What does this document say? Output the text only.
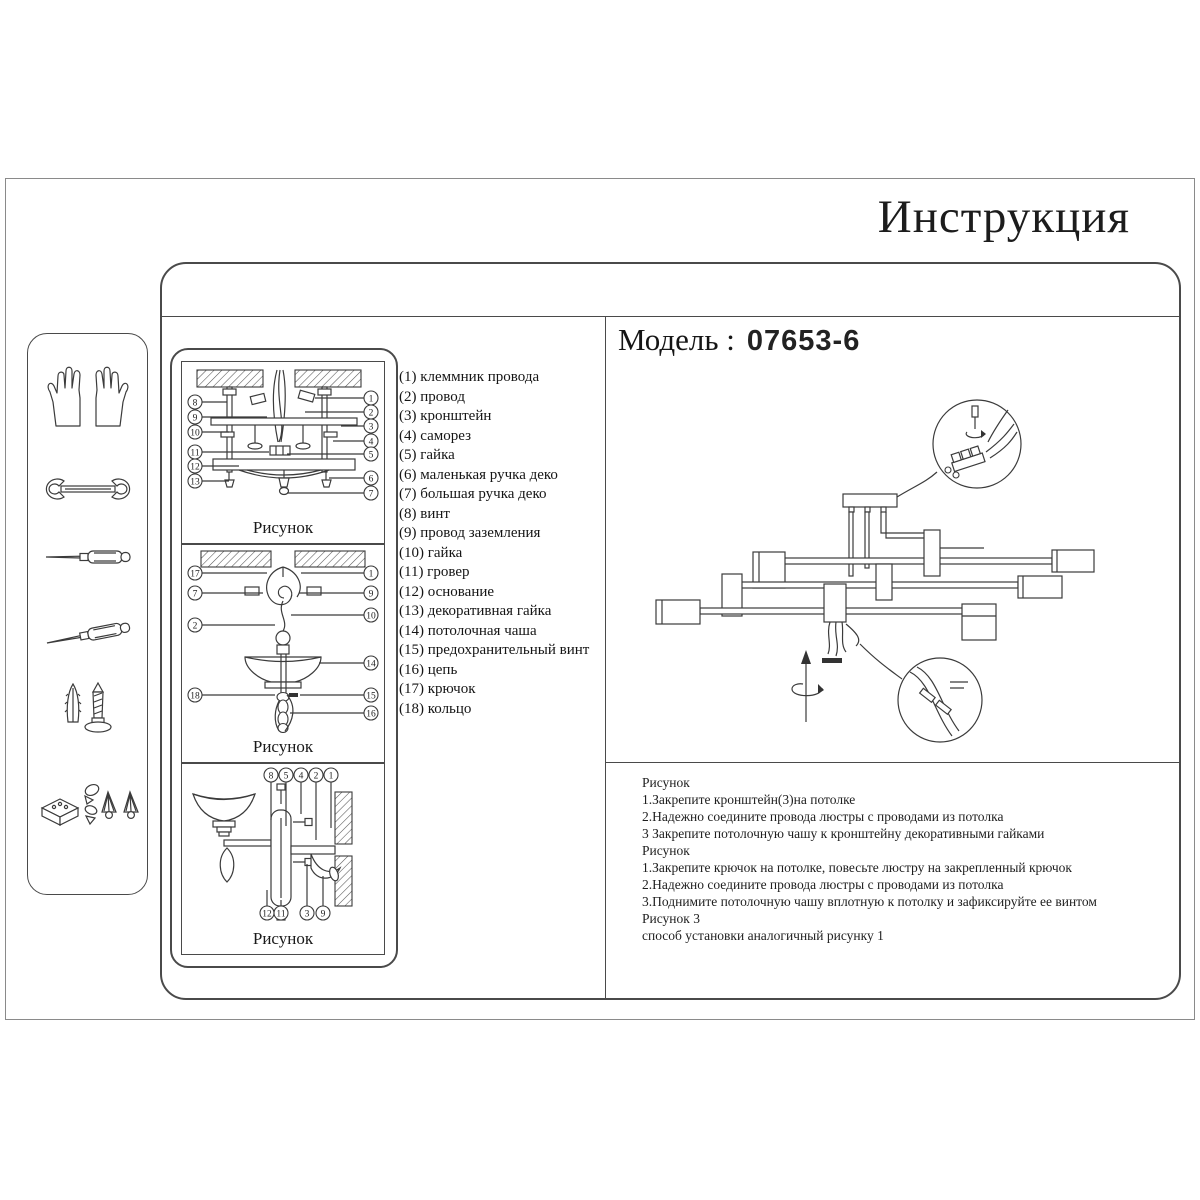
Инструкция
8
9
10
11
12
13
1
2
3
4
5
6
7
Рисунок
17
7
2
18
1
9
10
14
15
16
Рисунок
8 5 4 2 1
12 11 3 9
Рисунок
(1) клеммник провода
(2) провод
(3) кронштейн
(4) саморез
(5) гайка
(6) маленькая ручка деко
(7) большая ручка деко
(8) винт
(9) провод заземления
(10) гайка
(11) гровер
(12) основание
(13) декоративная гайка
(14) потолочная чаша
(15) предохранительный винт
(16) цепь
(17) крючок
(18) кольцо
Модель : 07653-6
Рисунок
1.Закрепите кронштейн(3)на потолке
2.Надежно соедините провода люстры с проводами из потолка
3 Закрепите потолочную чашу к кронштейну декоративными гайками
Рисунок
1.Закрепите крючок на потолке, повесьте люстру на закрепленный крючок
2.Надежно соедините провода люстры с проводами из потолка
3.Поднимите потолочную чашу вплотную к потолку и зафиксируйте ее винтом
Рисунок 3
способ установки аналогичный рисунку 1
